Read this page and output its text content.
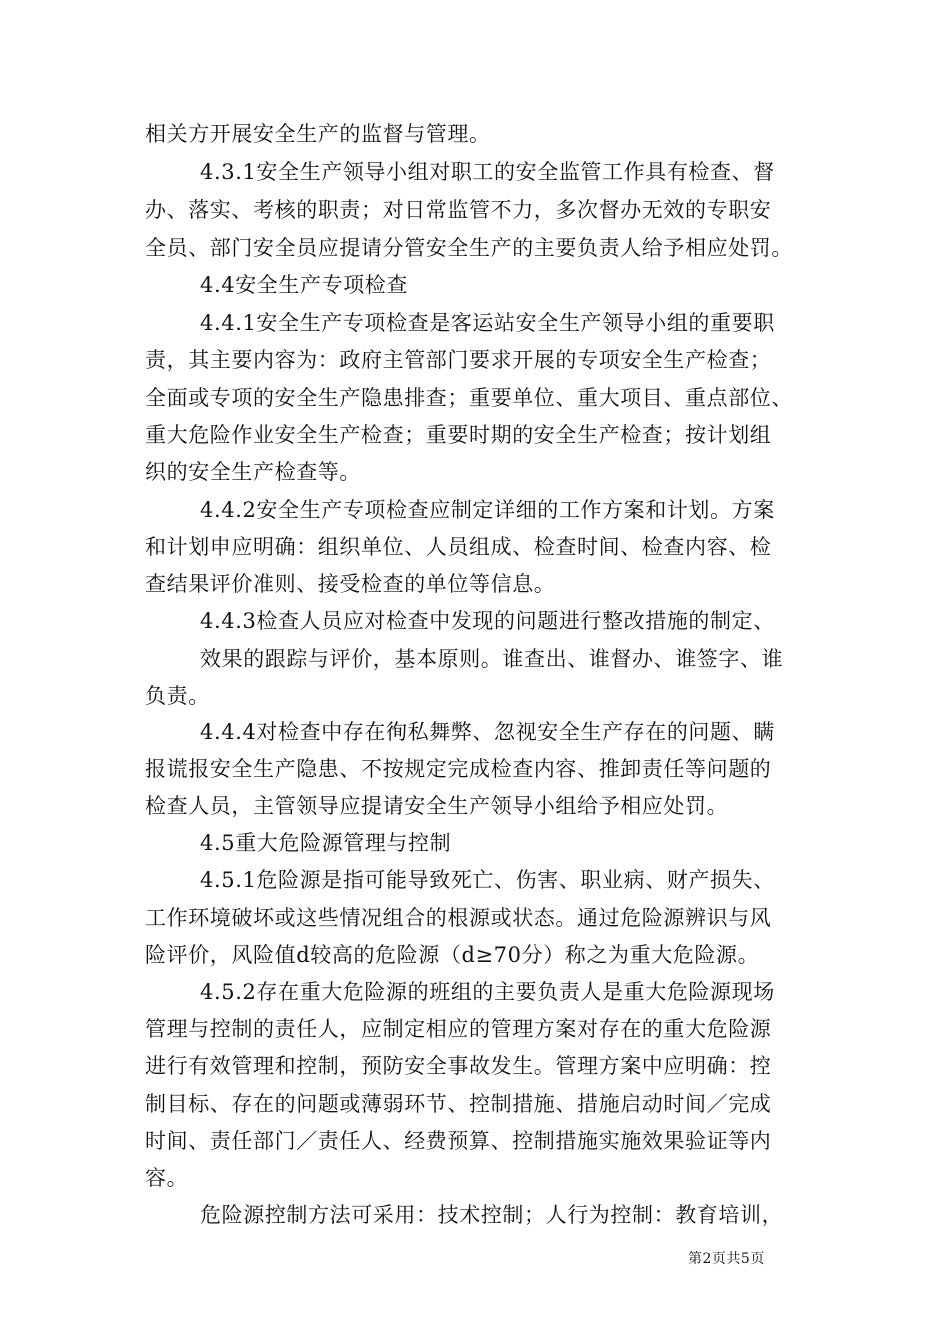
相关方开展安全生产的监督与管理。
4.3.1安全生产领导小组对职工的安全监管工作具有检查、督
办、落实、考核的职责；对日常监管不力，多次督办无效的专职安
全员、部门安全员应提请分管安全生产的主要负责人给予相应处罚。
4.4安全生产专项检查
4.4.1安全生产专项检查是客运站安全生产领导小组的重要职
责，其主要内容为：政府主管部门要求开展的专项安全生产检查；
全面或专项的安全生产隐患排查；重要单位、重大项目、重点部位、
重大危险作业安全生产检查；重要时期的安全生产检查；按计划组
织的安全生产检查等。
4.4.2安全生产专项检查应制定详细的工作方案和计划。方案
和计划申应明确：组织单位、人员组成、检查时间、检查内容、检
查结果评价准则、接受检查的单位等信息。
4.4.3检查人员应对检查中发现的问题进行整改措施的制定、
效果的跟踪与评价，基本原则。谁查出、谁督办、谁签字、谁
负责。
4.4.4对检查中存在徇私舞弊、忽视安全生产存在的问题、瞒
报谎报安全生产隐患、不按规定完成检查内容、推卸责任等问题的
检查人员，主管领导应提请安全生产领导小组给予相应处罚。
4.5重大危险源管理与控制
4.5.1危险源是指可能导致死亡、伤害、职业病、财产损失、
工作环境破坏或这些情况组合的根源或状态。通过危险源辨识与风
险评价，风险值d较高的危险源（d≥70分）称之为重大危险源。
4.5.2存在重大危险源的班组的主要负责人是重大危险源现场
管理与控制的责任人，应制定相应的管理方案对存在的重大危险源
进行有效管理和控制，预防安全事故发生。管理方案中应明确：控
制目标、存在的问题或薄弱环节、控制措施、措施启动时间／完成
时间、责任部门／责任人、经费预算、控制措施实施效果验证等内
容。
危险源控制方法可采用：技术控制；人行为控制：教育培训，
第2页共5页
